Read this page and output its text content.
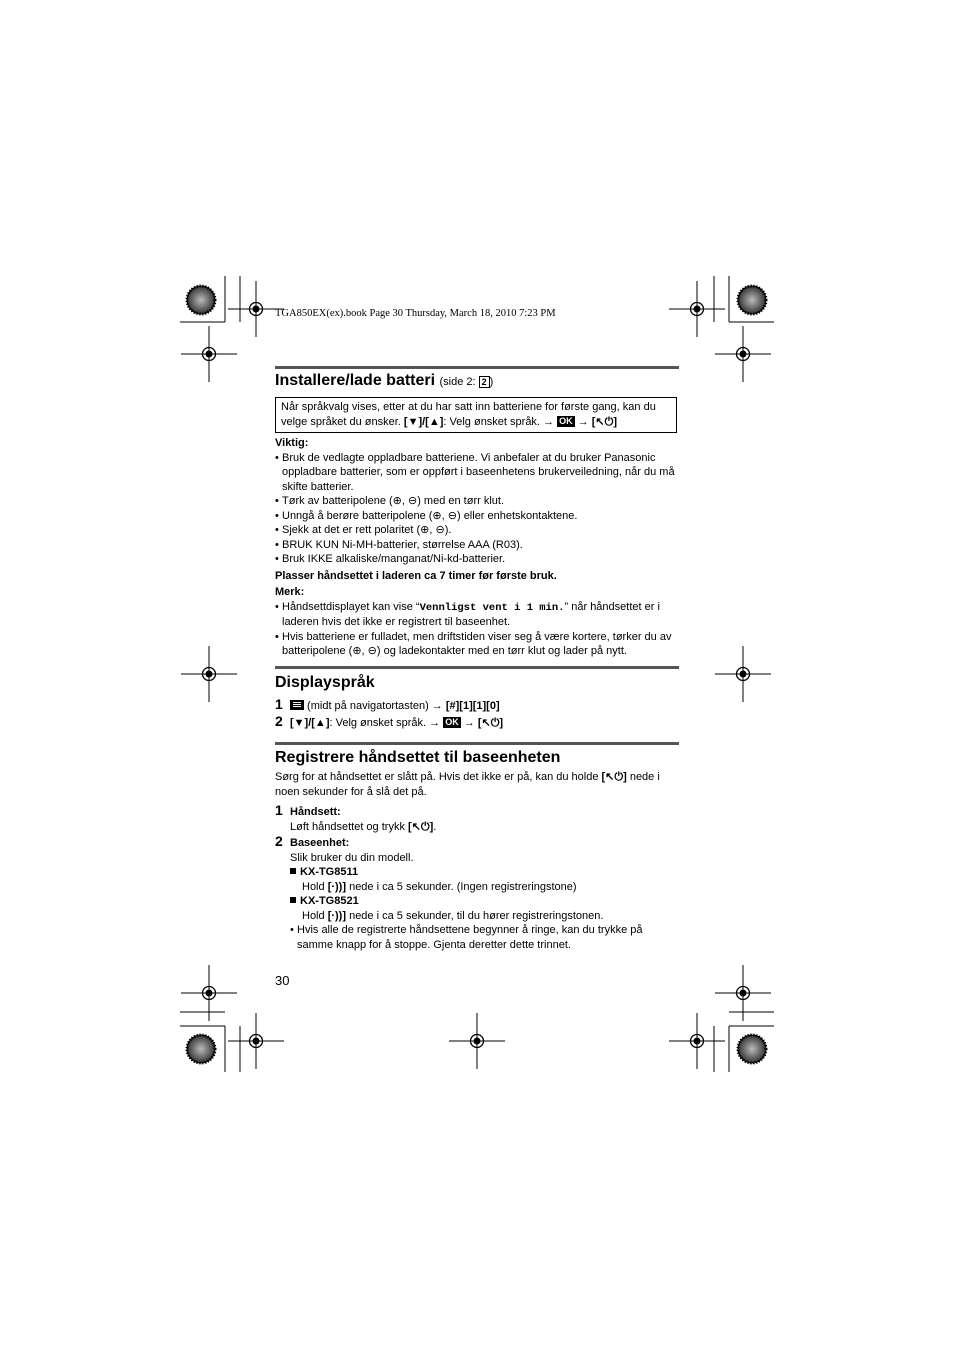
TGA850EX(ex).book Page 30 Thursday, March 18, 2010 7:23 PM
Installere/lade batteri (side 2: 2 )
Når språkvalg vises, etter at du har satt inn batteriene for første gang, kan du
velge språket du ønsker. [▼]/[▲]: Velg ønsket språk. → OK → [↖⏻]
Viktig:
• Bruk de vedlagte oppladbare batteriene. Vi anbefaler at du bruker Panasonic oppladbare batterier, som er oppført i baseenhetens brukerveiledning, når du må skifte batterier.
• Tørk av batteripolene (⊕, ⊖) med en tørr klut.
• Unngå å berøre batteripolene (⊕, ⊖) eller enhetskontaktene.
• Sjekk at det er rett polaritet (⊕, ⊖).
• BRUK KUN Ni-MH-batterier, størrelse AAA (R03).
• Bruk IKKE alkaliske/manganat/Ni-kd-batterier.
Plasser håndsettet i laderen ca 7 timer før første bruk.
Merk:
• Håndsettdisplayet kan vise “Vennligst vent i 1 min.” når håndsettet er i laderen hvis det ikke er registrert til baseenhet.
• Hvis batteriene er fulladet, men driftstiden viser seg å være kortere, tørker du av batteripolene (⊕, ⊖) og ladekontakter med en tørr klut og lader på nytt.
Displayspråk
1 (midt på navigatortasten) → [#][1][1][0]
2 [▼]/[▲]: Velg ønsket språk. → OK → [↖⏻]
Registrere håndsettet til baseenheten
Sørg for at håndsettet er slått på. Hvis det ikke er på, kan du holde [↖⏻] nede i noen sekunder for å slå det på.
1 Håndsett:
Løft håndsettet og trykk [↖⏻].
2 Baseenhet:
Slik bruker du din modell.
KX-TG8511
Hold [·))] nede i ca 5 sekunder. (Ingen registreringstone)
KX-TG8521
Hold [·))] nede i ca 5 sekunder, til du hører registreringstonen.
• Hvis alle de registrerte håndsettene begynner å ringe, kan du trykke på samme knapp for å stoppe. Gjenta deretter dette trinnet.
30
